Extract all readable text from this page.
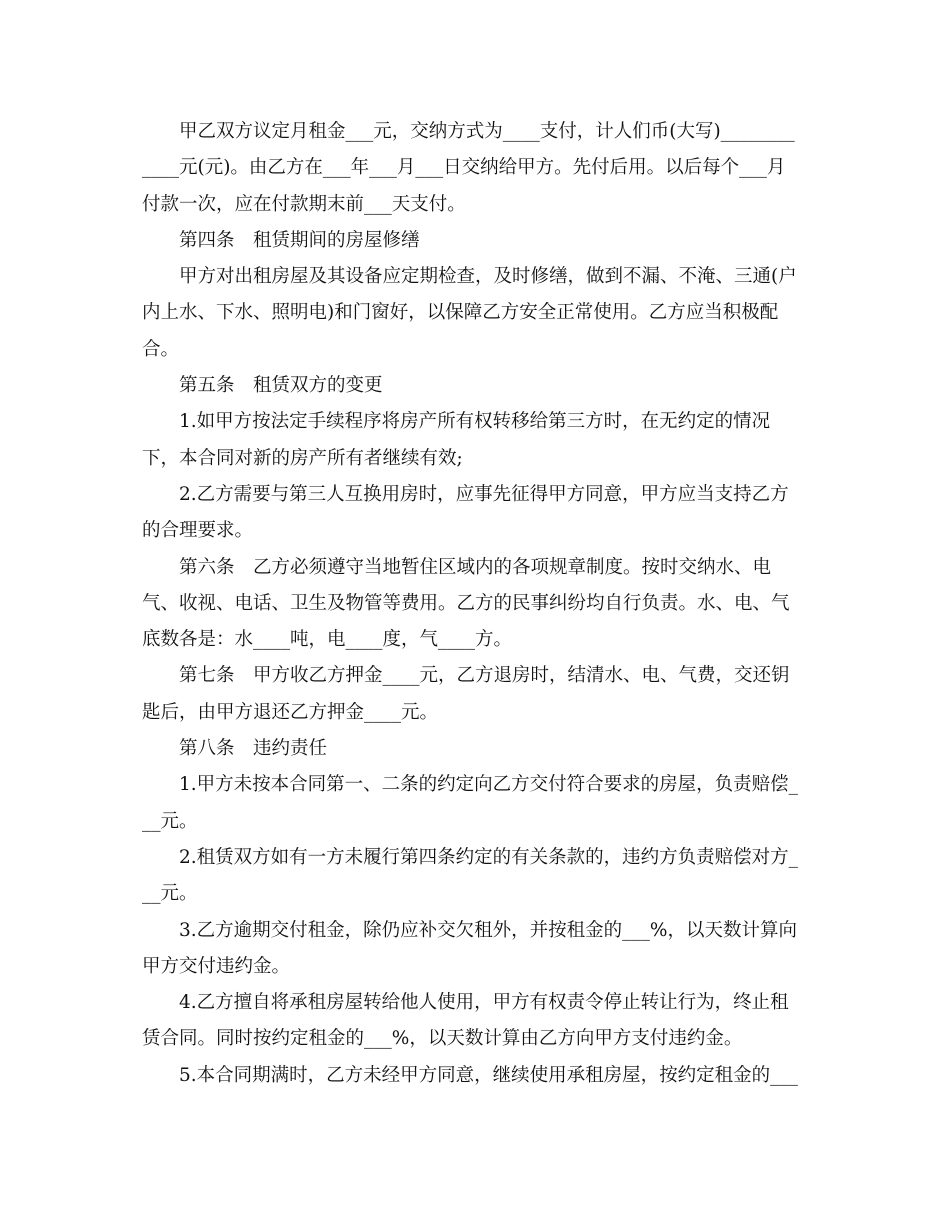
甲乙双方议定月租金___元，交纳方式为____支付，计人们币(大写)____________元(元)。由乙方在___年___月___日交纳给甲方。先付后用。以后每个___月付款一次，应在付款期末前___天支付。

第四条　租赁期间的房屋修缮

甲方对出租房屋及其设备应定期检查，及时修缮，做到不漏、不淹、三通(户内上水、下水、照明电)和门窗好，以保障乙方安全正常使用。乙方应当积极配合。

第五条　租赁双方的变更

1.如甲方按法定手续程序将房产所有权转移给第三方时，在无约定的情况下，本合同对新的房产所有者继续有效;

2.乙方需要与第三人互换用房时，应事先征得甲方同意，甲方应当支持乙方的合理要求。

第六条　乙方必须遵守当地暂住区域内的各项规章制度。按时交纳水、电气、收视、电话、卫生及物管等费用。乙方的民事纠纷均自行负责。水、电、气底数各是：水____吨，电____度，气____方。

第七条　甲方收乙方押金____元，乙方退房时，结清水、电、气费，交还钥匙后，由甲方退还乙方押金____元。

第八条　违约责任

1.甲方未按本合同第一、二条的约定向乙方交付符合要求的房屋，负责赔偿___元。

2.租赁双方如有一方未履行第四条约定的有关条款的，违约方负责赔偿对方___元。

3.乙方逾期交付租金，除仍应补交欠租外，并按租金的___%，以天数计算向甲方交付违约金。

4.乙方擅自将承租房屋转给他人使用，甲方有权责令停止转让行为，终止租赁合同。同时按约定租金的___%，以天数计算由乙方向甲方支付违约金。

5.本合同期满时，乙方未经甲方同意，继续使用承租房屋，按约定租金的___
